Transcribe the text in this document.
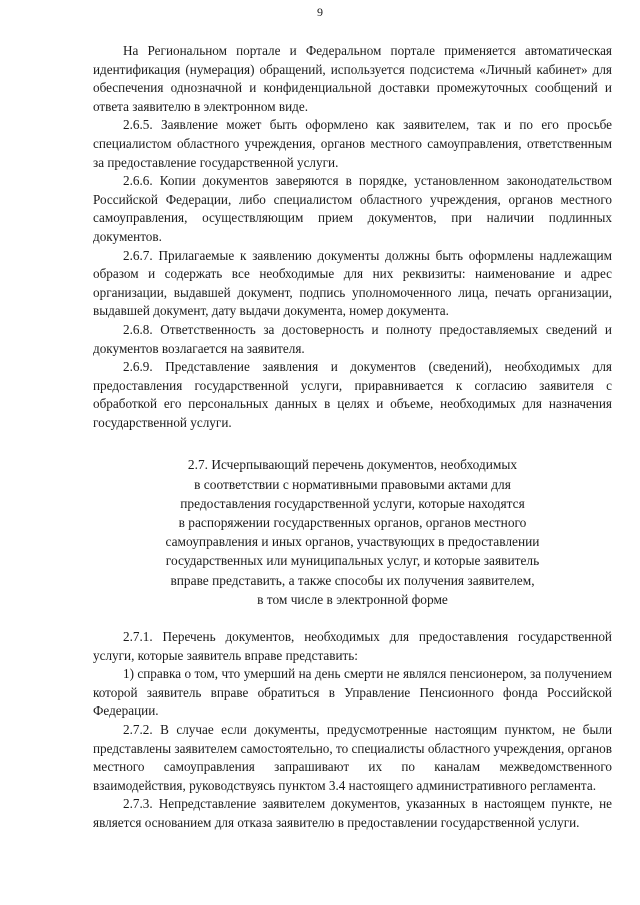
9

На Региональном портале и Федеральном портале применяется автоматическая идентификация (нумерация) обращений, используется подсистема «Личный кабинет» для обеспечения однозначной и конфиденциальной доставки промежуточных сообщений и ответа заявителю в электронном виде.

2.6.5. Заявление может быть оформлено как заявителем, так и по его просьбе специалистом областного учреждения, органов местного самоуправления, ответственным за предоставление государственной услуги.

2.6.6. Копии документов заверяются в порядке, установленном законодательством Российской Федерации, либо специалистом областного учреждения, органов местного самоуправления, осуществляющим прием документов, при наличии подлинных документов.

2.6.7. Прилагаемые к заявлению документы должны быть оформлены надлежащим образом и содержать все необходимые для них реквизиты: наименование и адрес организации, выдавшей документ, подпись уполномоченного лица, печать организации, выдавшей документ, дату выдачи документа, номер документа.

2.6.8. Ответственность за достоверность и полноту предоставляемых сведений и документов возлагается на заявителя.

2.6.9. Представление заявления и документов (сведений), необходимых для предоставления государственной услуги, приравнивается к согласию заявителя с обработкой его персональных данных в целях и объеме, необходимых для назначения государственной услуги.

2.7. Исчерпывающий перечень документов, необходимых
в соответствии с нормативными правовыми актами для
предоставления государственной услуги, которые находятся
в распоряжении государственных органов, органов местного
самоуправления и иных органов, участвующих в предоставлении
государственных или муниципальных услуг, и которые заявитель
вправе представить, а также способы их получения заявителем,
в том числе в электронной форме

2.7.1. Перечень документов, необходимых для предоставления государственной услуги, которые заявитель вправе представить:

1) справка о том, что умерший на день смерти не являлся пенсионером, за получением которой заявитель вправе обратиться в Управление Пенсионного фонда Российской Федерации.

2.7.2. В случае если документы, предусмотренные настоящим пунктом, не были представлены заявителем самостоятельно, то специалисты областного учреждения, органов местного самоуправления запрашивают их по каналам межведомственного взаимодействия, руководствуясь пунктом 3.4 настоящего административного регламента.

2.7.3. Непредставление заявителем документов, указанных в настоящем пункте, не является основанием для отказа заявителю в предоставлении государственной услуги.
